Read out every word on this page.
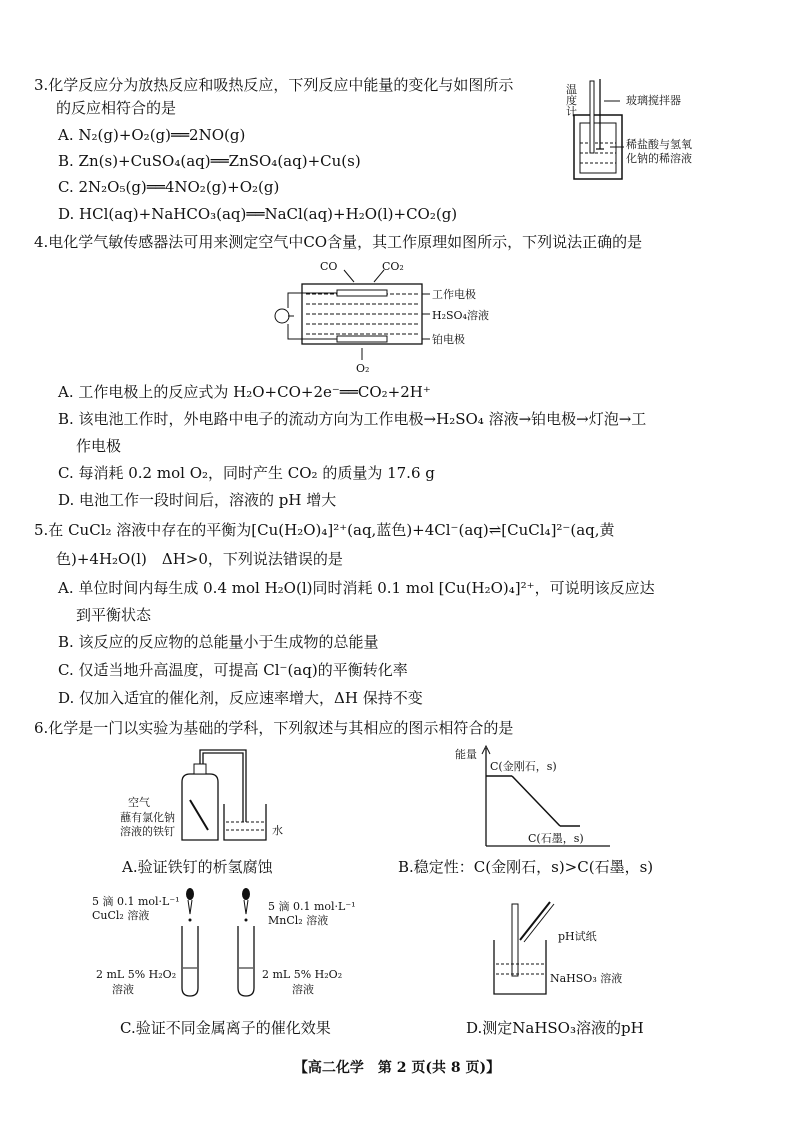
3.化学反应分为放热反应和吸热反应，下列反应中能量的变化与如图所示
的反应相符合的是
A. N₂(g)+O₂(g)══2NO(g)
B. Zn(s)+CuSO₄(aq)══ZnSO₄(aq)+Cu(s)
C. 2N₂O₅(g)══4NO₂(g)+O₂(g)
D. HCl(aq)+NaHCO₃(aq)══NaCl(aq)+H₂O(l)+CO₂(g)
温度计
玻璃搅拌器
稀盐酸与氢氧
化钠的稀溶液
4.电化学气敏传感器法可用来测定空气中CO含量，其工作原理如图所示，下列说法正确的是
CO	CO₂
工作电极
H₂SO₄溶液
铂电极
O₂
A. 工作电极上的反应式为 H₂O+CO+2e⁻══CO₂+2H⁺
B. 该电池工作时，外电路中电子的流动方向为工作电极→H₂SO₄ 溶液→铂电极→灯泡→工
作电极
C. 每消耗 0.2 mol O₂，同时产生 CO₂ 的质量为 17.6 g
D. 电池工作一段时间后，溶液的 pH 增大
5.在 CuCl₂ 溶液中存在的平衡为[Cu(H₂O)₄]²⁺(aq,蓝色)+4Cl⁻(aq)⇌[CuCl₄]²⁻(aq,黄
色)+4H₂O(l)　ΔH>0，下列说法错误的是
A. 单位时间内每生成 0.4 mol H₂O(l)同时消耗 0.1 mol [Cu(H₂O)₄]²⁺，可说明该反应达
到平衡状态
B. 该反应的反应物的总能量小于生成物的总能量
C. 仅适当地升高温度，可提高 Cl⁻(aq)的平衡转化率
D. 仅加入适宜的催化剂，反应速率增大，ΔH 保持不变
6.化学是一门以实验为基础的学科，下列叙述与其相应的图示相符合的是
空气
蘸有氯化钠
溶液的铁钉	水
A.验证铁钉的析氢腐蚀
能量
C(金刚石，s)
C(石墨，s)
B.稳定性：C(金刚石，s)>C(石墨，s)
5 滴 0.1 mol·L⁻¹
CuCl₂ 溶液
5 滴 0.1 mol·L⁻¹
MnCl₂ 溶液
2 mL 5% H₂O₂
溶液
2 mL 5% H₂O₂
溶液
C.验证不同金属离子的催化效果
pH试纸
NaHSO₃ 溶液
D.测定NaHSO₃溶液的pH
【高二化学　第 2 页(共 8 页)】
